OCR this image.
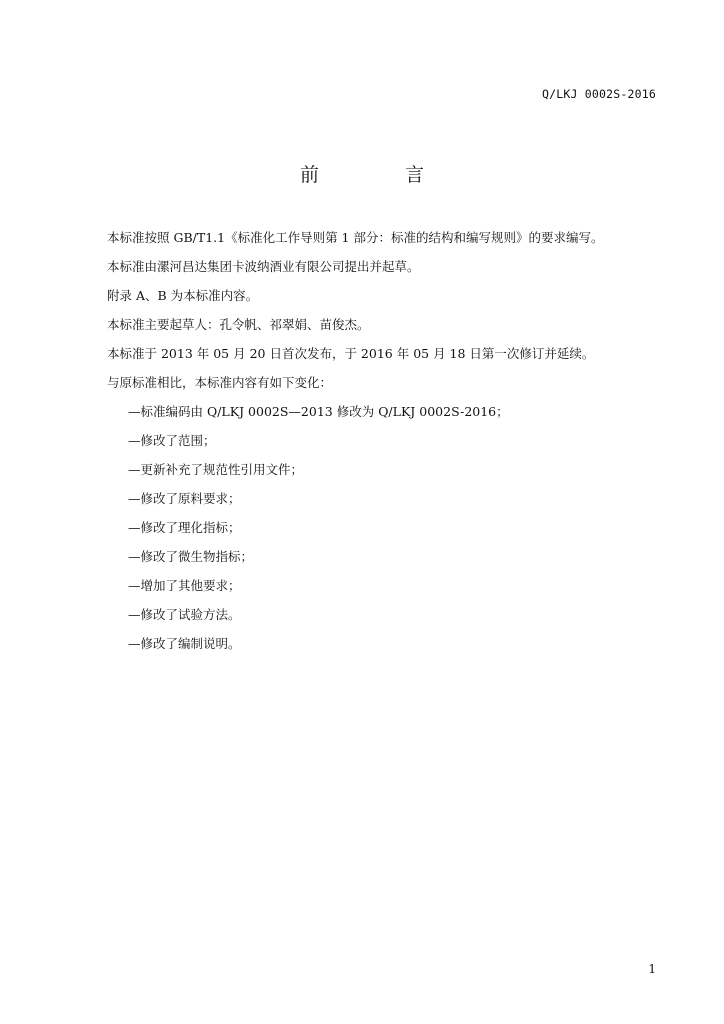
Q/LKJ 0002S-2016
前 言
本标准按照 GB/T1.1《标准化工作导则第 1 部分：标准的结构和编写规则》的要求编写。
本标准由漯河昌达集团卡波纳酒业有限公司提出并起草。
附录 A、B 为本标准内容。
本标准主要起草人：孔令帆、祁翠娟、苗俊杰。
本标准于 2013 年 05 月 20 日首次发布，于 2016 年 05 月 18 日第一次修订并延续。
与原标准相比，本标准内容有如下变化：
—标准编码由 Q/LKJ 0002S—2013 修改为 Q/LKJ 0002S-2016；
—修改了范围；
—更新补充了规范性引用文件；
—修改了原料要求；
—修改了理化指标；
—修改了微生物指标；
—增加了其他要求；
—修改了试验方法。
—修改了编制说明。
1
